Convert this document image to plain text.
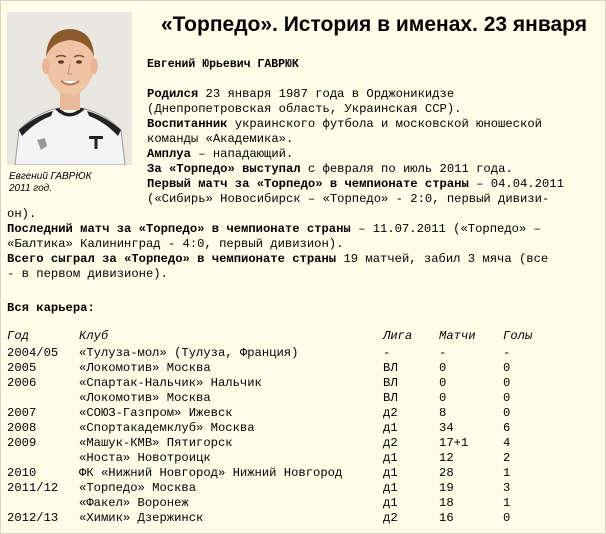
«Торпедо». История в именах. 23 января
Евгений ГАВРЮК
2011 год.
Евгений Юрьевич ГАВРЮК

Родился 23 января 1987 года в Орджоникидзе

(Днепропетровская область, Украинская ССР).

Воспитанник украинского футбола и московской юношеской

команды «Академика».

Амплуа – нападающий.

За «Торпедо» выступал с февраля по июль 2011 года.

Первый матч за «Торпедо» в чемпионате страны – 04.04.2011

(«Сибирь» Новосибирск – «Торпедо» - 2:0, первый дивизи-

он).

Последний матч за «Торпедо» в чемпионате страны – 11.07.2011 («Торпедо» –

«Балтика» Калининград - 4:0, первый дивизион).

Всего сыграл за «Торпедо» в чемпионате страны 19 матчей, забил 3 мяча (все

- в первом дивизионе).

Вся карьера:
Год	Клуб	Лига	Матчи	Голы
2004/05	«Тулуза-мол» (Тулуза, Франция)	-	-	-
2005	«Локомотив» Москва	ВЛ	0	0
2006	«Спартак-Нальчик» Нальчик	ВЛ	0	0
	«Локомотив» Москва	ВЛ	0	0
2007	«СОЮЗ-Газпром» Ижевск	д2	8	0
2008	«Спортакадемклуб» Москва	д1	34	6
2009	«Машук-КМВ» Пятигорск	д2	17+1	4
	«Носта» Новотроицк	д1	12	2
2010	ФК «Нижний Новгород» Нижний Новгород	д1	28	1
2011/12	«Торпедо» Москва	д1	19	3
	«Факел» Воронеж	д1	18	1
2012/13	«Химик» Дзержинск	д2	16	0
